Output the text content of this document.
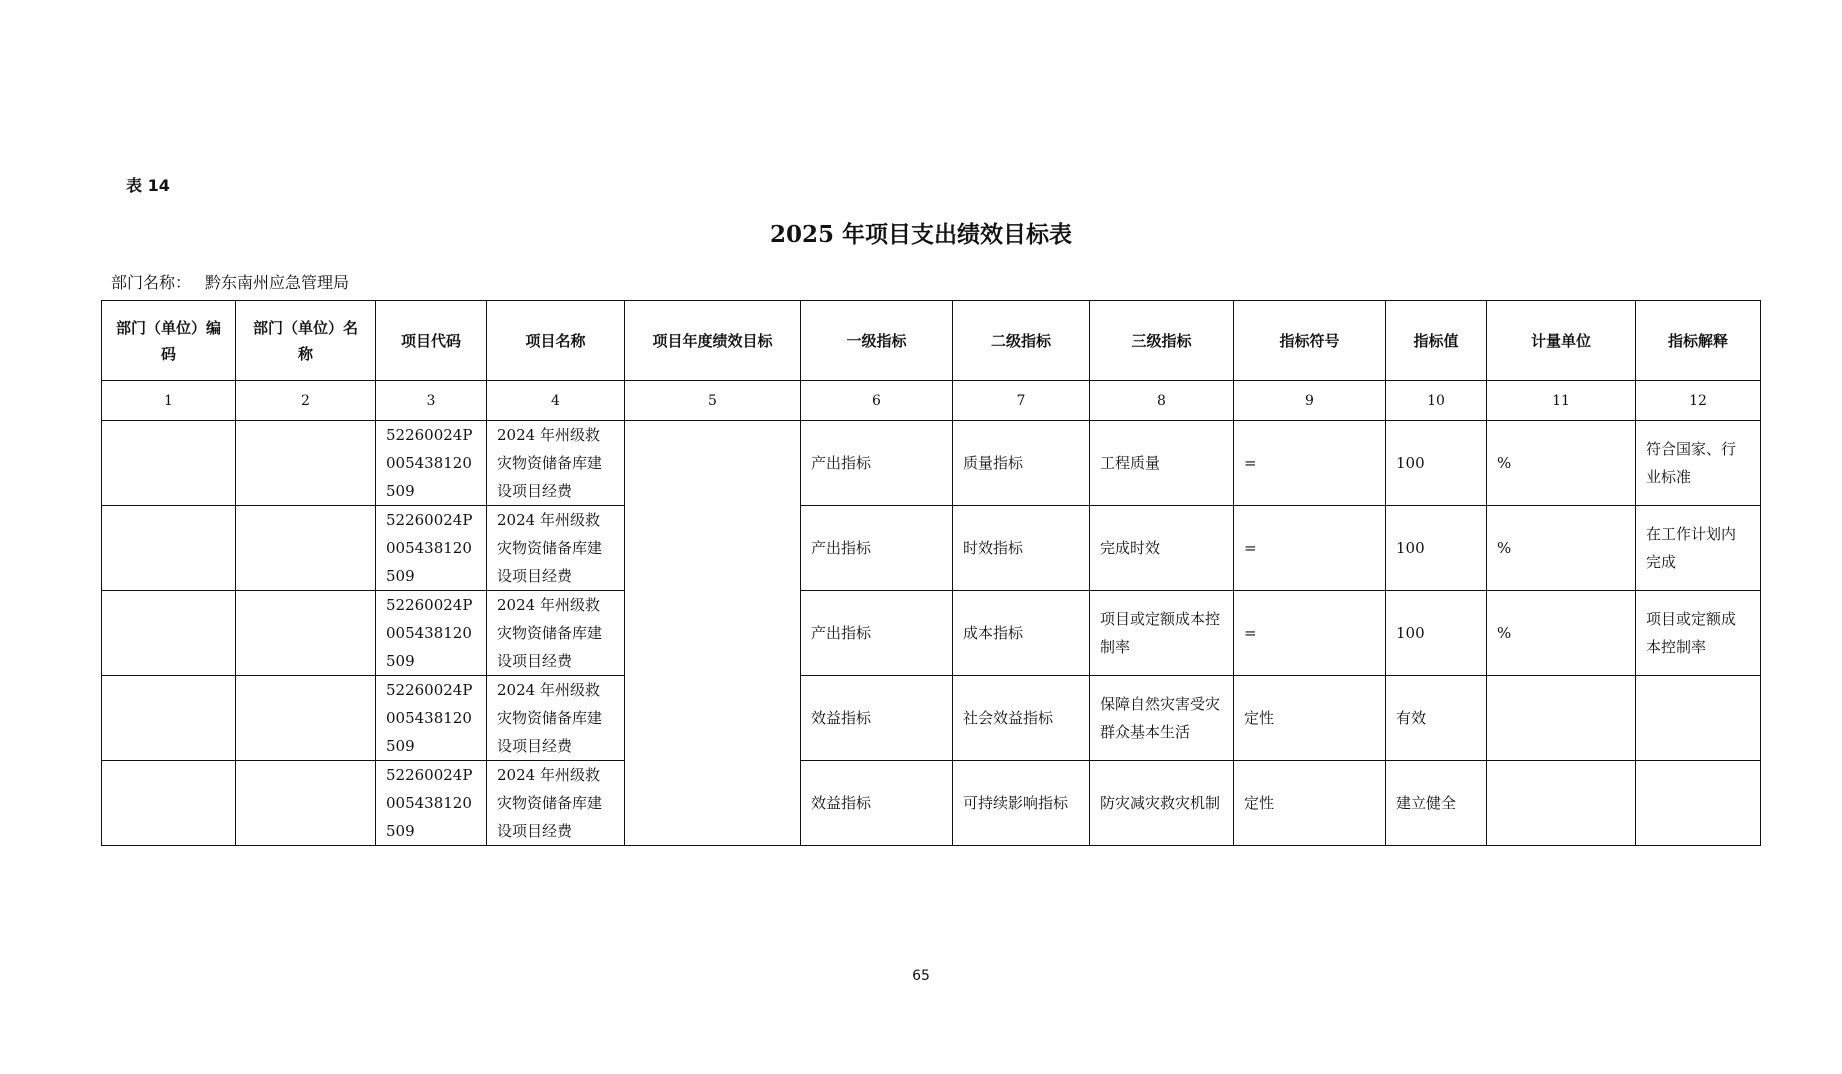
表 14
2025 年项目支出绩效目标表
部门名称： 黔东南州应急管理局
部门（单位）编码	部门（单位）名称	项目代码	项目名称	项目年度绩效目标	一级指标	二级指标	三级指标	指标符号	指标值	计量单位	指标解释
1	2	3	4	5	6	7	8	9	10	11	12
		52260024P005438120509	2024 年州级救灾物资储备库建设项目经费		产出指标	质量指标	工程质量	=	100	%	符合国家、行业标准
		52260024P005438120509	2024 年州级救灾物资储备库建设项目经费		产出指标	时效指标	完成时效	=	100	%	在工作计划内完成
		52260024P005438120509	2024 年州级救灾物资储备库建设项目经费		产出指标	成本指标	项目或定额成本控制率	=	100	%	项目或定额成本控制率
		52260024P005438120509	2024 年州级救灾物资储备库建设项目经费		效益指标	社会效益指标	保障自然灾害受灾群众基本生活	定性	有效		
		52260024P005438120509	2024 年州级救灾物资储备库建设项目经费		效益指标	可持续影响指标	防灾减灾救灾机制	定性	建立健全		
65
